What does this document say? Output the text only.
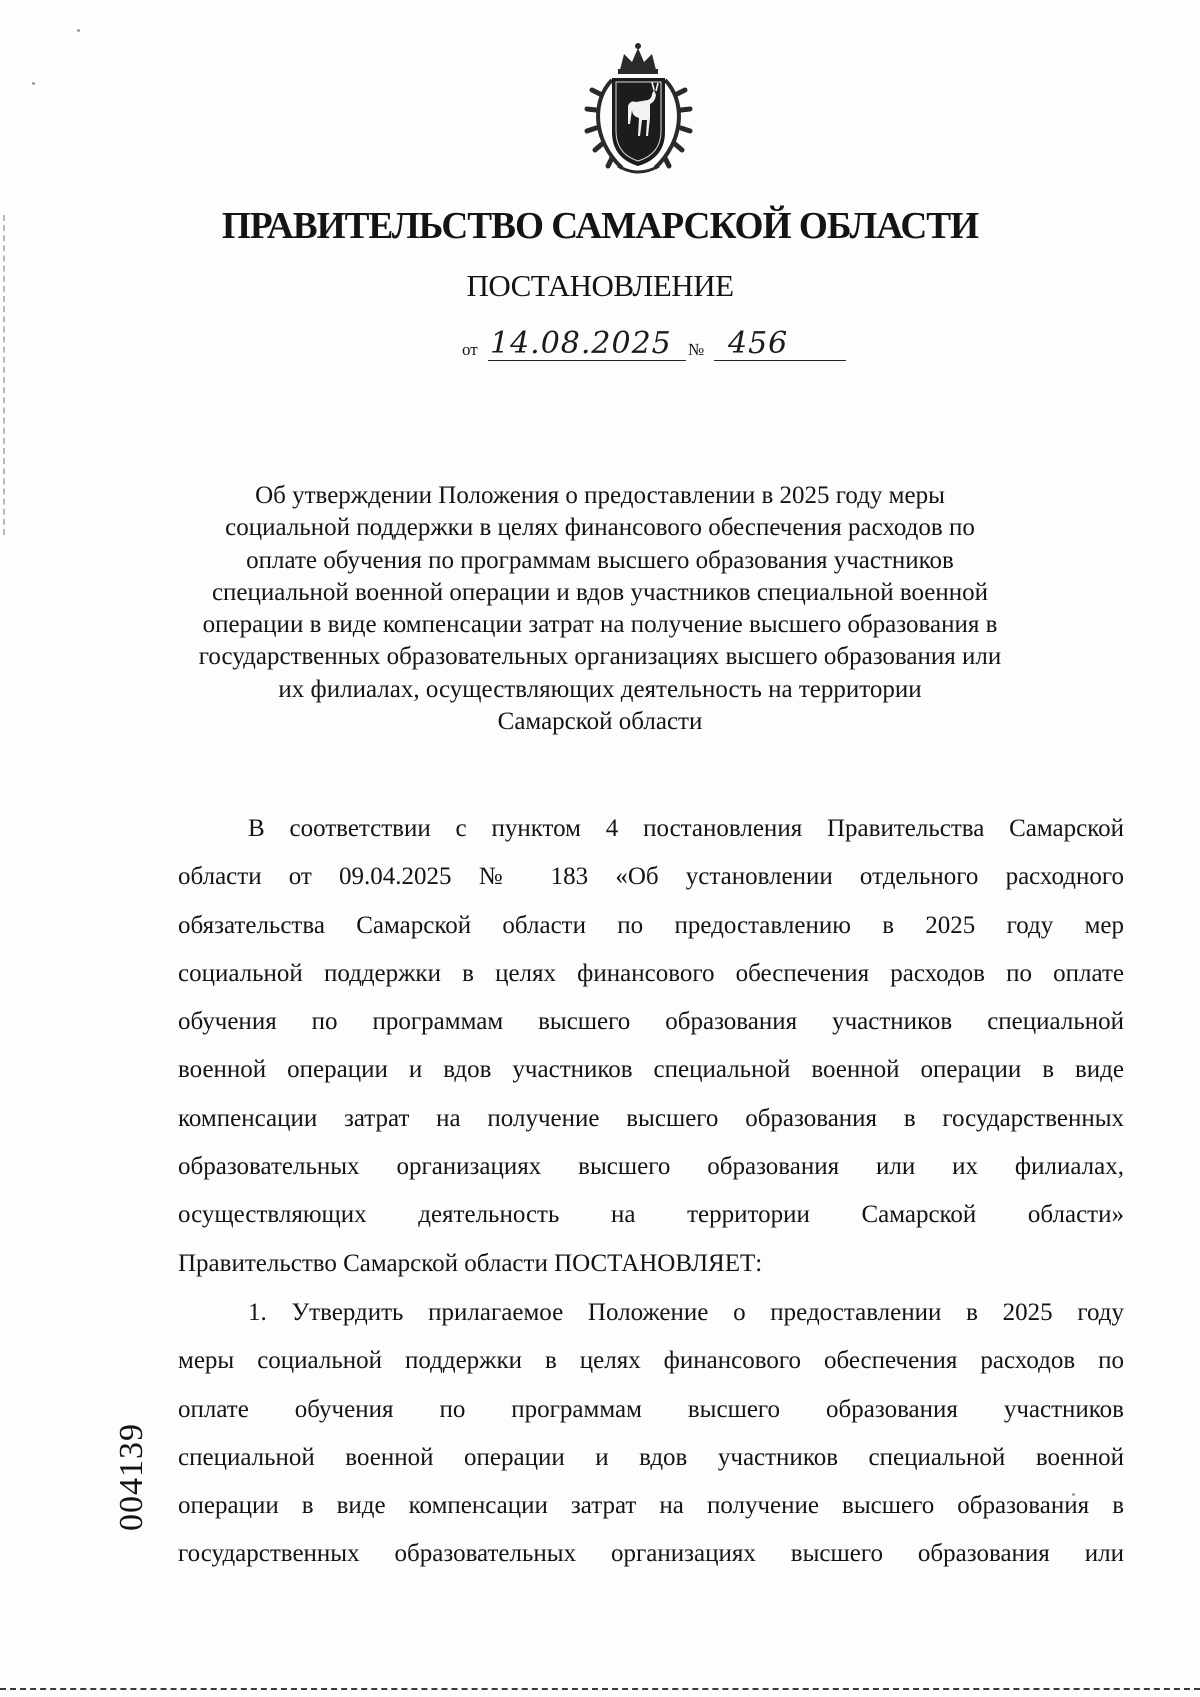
ПРАВИТЕЛЬСТВО САМАРСКОЙ ОБЛАСТИ
ПОСТАНОВЛЕНИЕ
от 14.08.2025 № 456
Об утверждении Положения о предоставлении в 2025 году меры
социальной поддержки в целях финансового обеспечения расходов по
оплате обучения по программам высшего образования участников
специальной военной операции и вдов участников специальной военной
операции в виде компенсации затрат на получение высшего образования в
государственных образовательных организациях высшего образования или
их филиалах, осуществляющих деятельность на территории
Самарской области
В соответствии с пунктом 4 постановления Правительства Самарской
области от 09.04.2025 № 183 «Об установлении отдельного расходного
обязательства Самарской области по предоставлению в 2025 году мер
социальной поддержки в целях финансового обеспечения расходов по оплате
обучения по программам высшего образования участников специальной
военной операции и вдов участников специальной военной операции в виде
компенсации затрат на получение высшего образования в государственных
образовательных организациях высшего образования или их филиалах,
осуществляющих деятельность на территории Самарской области»
Правительство Самарской области ПОСТАНОВЛЯЕТ:
1. Утвердить прилагаемое Положение о предоставлении в 2025 году
меры социальной поддержки в целях финансового обеспечения расходов по
оплате обучения по программам высшего образования участников
специальной военной операции и вдов участников специальной военной
операции в виде компенсации затрат на получение высшего образования в
государственных образовательных организациях высшего образования или
004139
